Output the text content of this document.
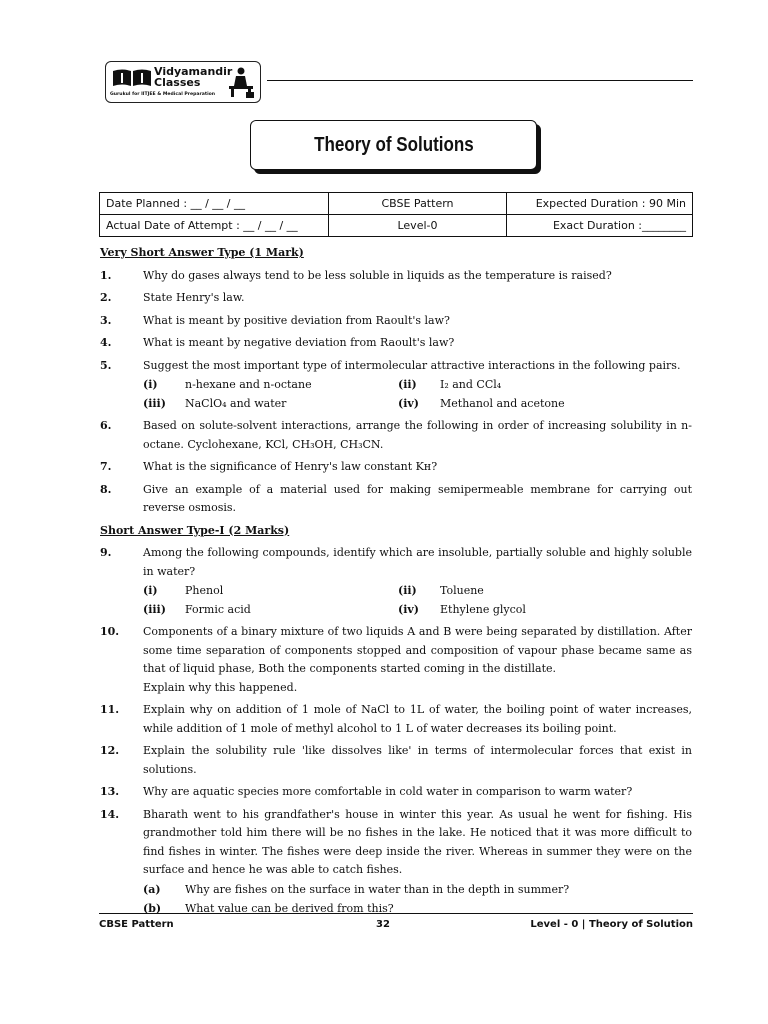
Vidyamandir
Classes
Gurukul for IITJEE & Medical Preparation
Theory of Solutions
Date Planned : __ / __ / __	CBSE Pattern	Expected Duration : 90 Min
Actual Date of Attempt : __ / __ / __	Level-0	Exact Duration :________
Very Short Answer Type (1 Mark)
1.	Why do gases always tend to be less soluble in liquids as the temperature is raised?
2.	State Henry's law.
3.	What is meant by positive deviation from Raoult's law?
4.	What is meant by negative deviation from Raoult's law?
5.	Suggest the most important type of intermolecular attractive interactions in the following pairs.
(i)	n-hexane and n-octane	(ii)	I₂ and CCl₄
(iii)	NaClO₄ and water	(iv)	Methanol and acetone
6.	Based on solute-solvent interactions, arrange the following in order of increasing solubility in n-octane. Cyclohexane, KCl, CH₃OH, CH₃CN.
7.	What is the significance of Henry's law constant Kн?
8.	Give an example of a material used for making semipermeable membrane for carrying out reverse osmosis.
Short Answer Type-I (2 Marks)
9.	Among the following compounds, identify which are insoluble, partially soluble and highly soluble in water?
(i)	Phenol	(ii)	Toluene
(iii)	Formic acid	(iv)	Ethylene glycol
10. Components of a binary mixture of two liquids A and B were being separated by distillation. After some time separation of components stopped and composition of vapour phase became same as that of liquid phase, Both the components started coming in the distillate.
Explain why this happened.
11. Explain why on addition of 1 mole of NaCl to 1L of water, the boiling point of water increases, while addition of 1 mole of methyl alcohol to 1 L of water decreases its boiling point.
12. Explain the solubility rule 'like dissolves like' in terms of intermolecular forces that exist in solutions.
13. Why are aquatic species more comfortable in cold water in comparison to warm water?
14. Bharath went to his grandfather's house in winter this year. As usual he went for fishing. His grandmother told him there will be no fishes in the lake. He noticed that it was more difficult to find fishes in winter. The fishes were deep inside the river. Whereas in summer they were on the surface and hence he was able to catch fishes.
(a)	Why are fishes on the surface in water than in the depth in summer?
(b)	What value can be derived from this?
CBSE Pattern	32	Level - 0 | Theory of Solution
